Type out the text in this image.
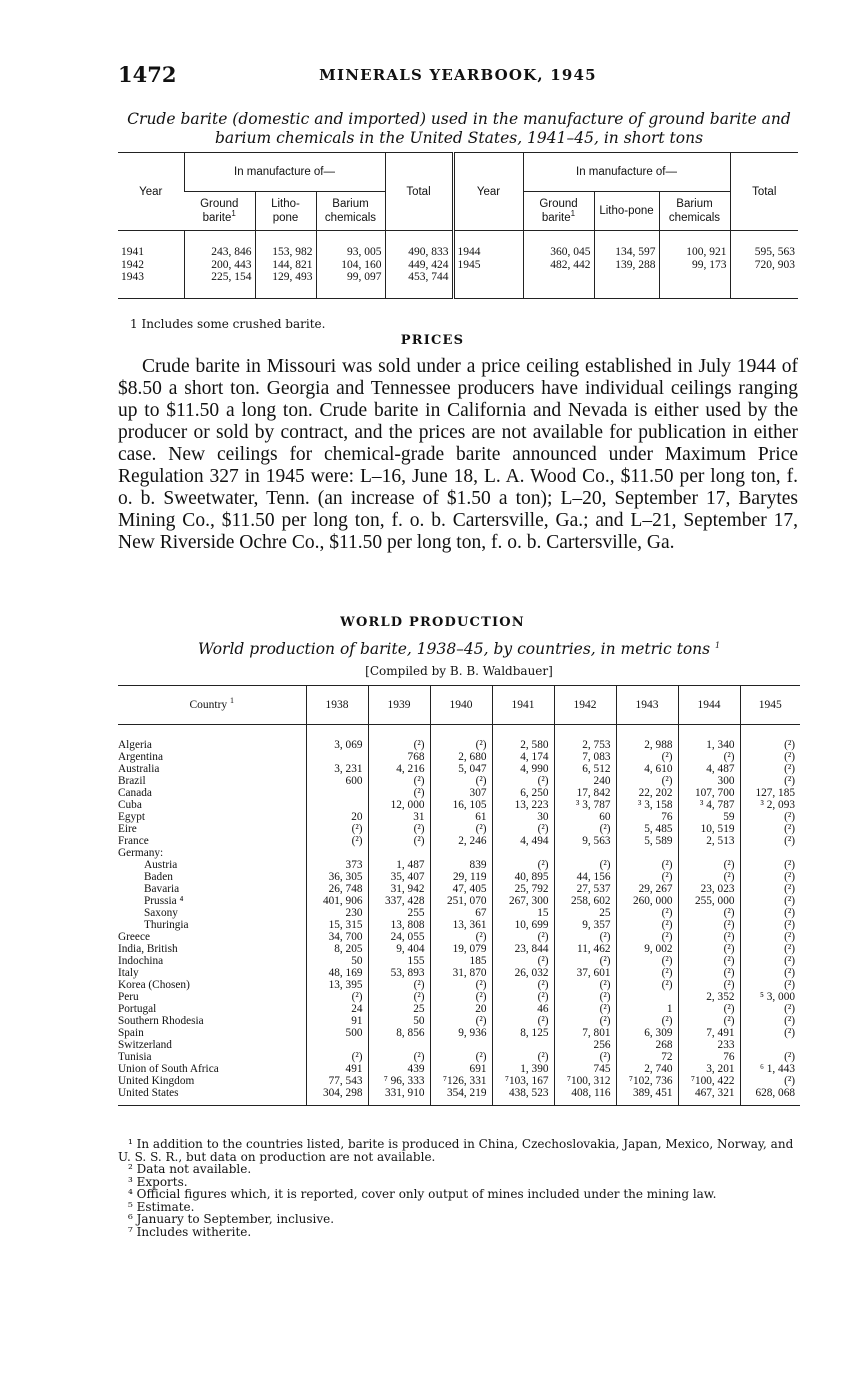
1472	MINERALS YEARBOOK, 1945
Crude barite (domestic and imported) used in the manufacture of ground barite and barium chemicals in the United States, 1941–45, in short tons
Year	In manufacture of—			Total	Year	In manufacture of—			Total
	Ground barite$^1$	Litho-pone	Barium chemicals			Ground barite$^1$	Litho-pone	Barium chemicals	
1941	243, 846	153, 982	93, 005	490, 833	1944	360, 045	134, 597	100, 921	595, 563
1942	200, 443	144, 821	104, 160	449, 424	1945	482, 442	139, 288	99, 173	720, 903
1943	225, 154	129, 493	99, 097	453, 744					
1 Includes some crushed barite.
PRICES
Crude barite in Missouri was sold under a price ceiling established in July 1944 of $8.50 a short ton. Georgia and Tennessee producers have individual ceilings ranging up to $11.50 a long ton. Crude barite in California and Nevada is either used by the producer or sold by contract, and the prices are not available for publication in either case. New ceilings for chemical-grade barite announced under Maximum Price Regulation 327 in 1945 were: L–16, June 18, L. A. Wood Co., $11.50 per long ton, f. o. b. Sweetwater, Tenn. (an increase of $1.50 a ton); L–20, September 17, Barytes Mining Co., $11.50 per long ton, f. o. b. Cartersville, Ga.; and L–21, September 17, New Riverside Ochre Co., $11.50 per long ton, f. o. b. Cartersville, Ga.
WORLD PRODUCTION
World production of barite, 1938–45, by countries, in metric tons $^1$
[Compiled by B. B. Waldbauer]
Country $^1$	1938	1939	1940	1941	1942	1943	1944	1945
Algeria	3, 069	(²)	(²)	2, 580	2, 753	2, 988	1, 340	(²)
Argentina		768	2, 680	4, 174	7, 083	(²)	(²)	(²)
Australia	3, 231	4, 216	5, 047	4, 990	6, 512	4, 610	4, 487	(²)
Brazil	600	(²)	(²)	(²)	240	(²)	300	(²)
Canada		(²)	307	6, 250	17, 842	22, 202	107, 700	127, 185
Cuba		12, 000	16, 105	13, 223	³ 3, 787	³ 3, 158	³ 4, 787	³ 2, 093
Egypt	20	31	61	30	60	76	59	(²)
Eire	(²)	(²)	(²)	(²)	(²)	5, 485	10, 519	(²)
France	(²)	(²)	2, 246	4, 494	9, 563	5, 589	2, 513	(²)
Germany:								
Austria	373	1, 487	839	(²)	(²)	(²)	(²)	(²)
Baden	36, 305	35, 407	29, 119	40, 895	44, 156	(²)	(²)	(²)
Bavaria	26, 748	31, 942	47, 405	25, 792	27, 537	29, 267	23, 023	(²)
Prussia ⁴	401, 906	337, 428	251, 070	267, 300	258, 602	260, 000	255, 000	(²)
Saxony	230	255	67	15	25	(²)	(²)	(²)
Thuringia	15, 315	13, 808	13, 361	10, 699	9, 357	(²)	(²)	(²)
Greece	34, 700	24, 055	(²)	(²)	(²)	(²)	(²)	(²)
India, British	8, 205	9, 404	19, 079	23, 844	11, 462	9, 002	(²)	(²)
Indochina	50	155	185	(²)	(²)	(²)	(²)	(²)
Italy	48, 169	53, 893	31, 870	26, 032	37, 601	(²)	(²)	(²)
Korea (Chosen)	13, 395	(²)	(²)	(²)	(²)	(²)	(²)	(²)
Peru	(²)	(²)	(²)	(²)	(²)		2, 352	⁵ 3, 000
Portugal	24	25	20	46	(²)	1	(²)	(²)
Southern Rhodesia	91	50	(²)	(²)	(²)	(²)	(²)	(²)
Spain	500	8, 856	9, 936	8, 125	7, 801	6, 309	7, 491	(²)
Switzerland					256	268	233	
Tunisia	(²)	(²)	(²)	(²)	(²)	72	76	(²)
Union of South Africa	491	439	691	1, 390	745	2, 740	3, 201	⁶ 1, 443
United Kingdom	77, 543	⁷ 96, 333	⁷126, 331	⁷103, 167	⁷100, 312	⁷102, 736	⁷100, 422	(²)
United States	304, 298	331, 910	354, 219	438, 523	408, 116	389, 451	467, 321	628, 068
¹ In addition to the countries listed, barite is produced in China, Czechoslovakia, Japan, Mexico, Norway, and U. S. S. R., but data on production are not available.
² Data not available.
³ Exports.
⁴ Official figures which, it is reported, cover only output of mines included under the mining law.
⁵ Estimate.
⁶ January to September, inclusive.
⁷ Includes witherite.
